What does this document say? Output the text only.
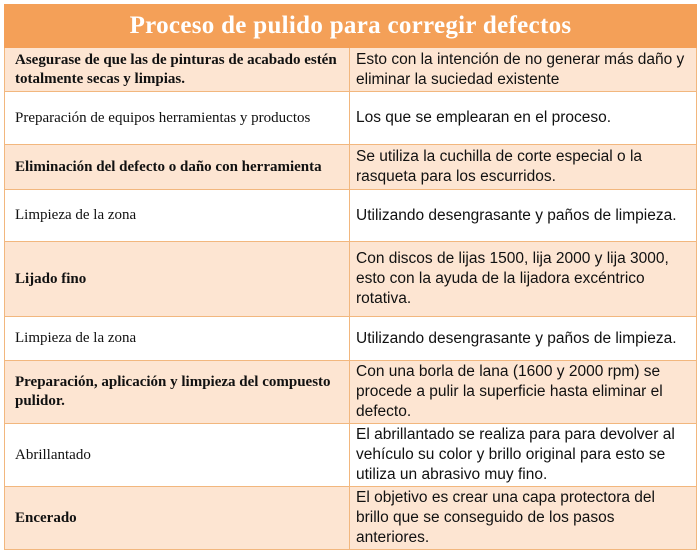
Proceso de pulido para corregir defectos	
Asegurase de que las de pinturas de acabado estén totalmente secas y limpias.	Esto con la intención de no generar más daño y eliminar la suciedad existente
Preparación de equipos herramientas y productos	Los que se emplearan en el proceso.
Eliminación del defecto o daño con herramienta	Se utiliza la cuchilla de corte especial o la rasqueta para los escurridos.
Limpieza de la zona	Utilizando desengrasante y paños de limpieza.
Lijado fino	Con discos de lijas 1500, lija 2000 y lija 3000, esto con la ayuda de la lijadora excéntrico rotativa.
Limpieza de la zona	Utilizando desengrasante y paños de limpieza.
Preparación, aplicación y limpieza del compuesto pulidor.	Con una borla de lana (1600 y 2000 rpm) se procede a pulir la superficie hasta eliminar el defecto.
Abrillantado	El abrillantado se realiza para para devolver al vehículo su color y brillo original para esto se utiliza un abrasivo muy fino.
Encerado	El objetivo es crear una capa protectora del brillo que se conseguido de los pasos anteriores.
